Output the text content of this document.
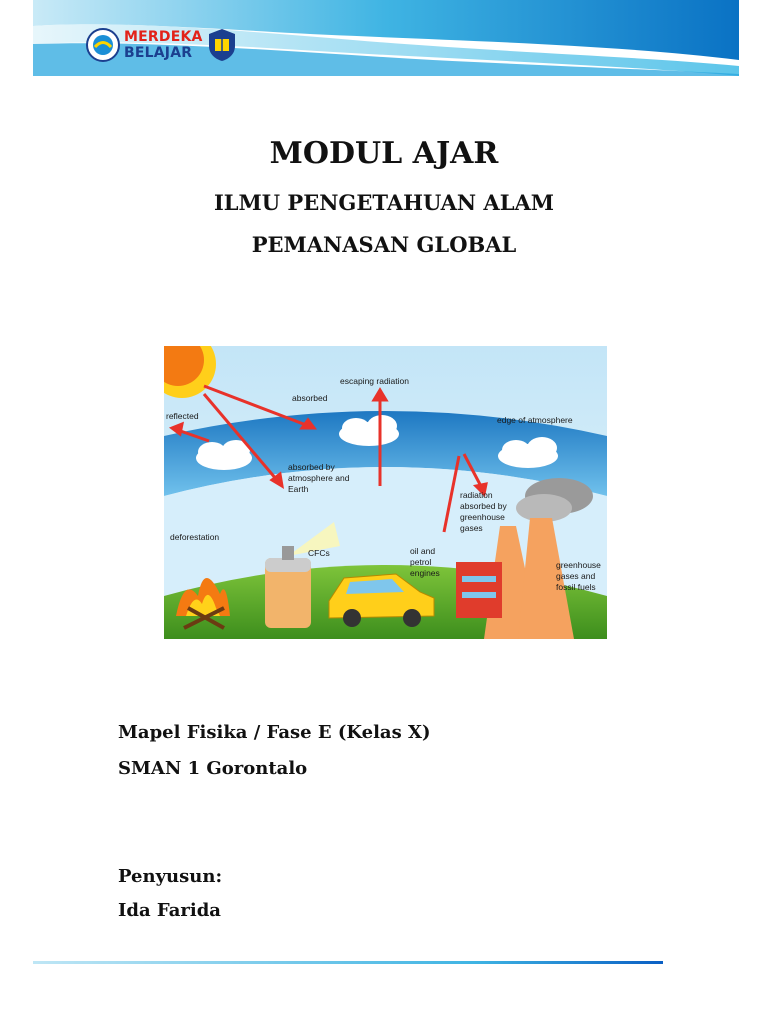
MERDEKA
BELAJAR
MODUL AJAR
ILMU PENGETAHUAN ALAM
PEMANASAN GLOBAL
escaping radiation
absorbed
reflected	edge of atmosphere
absorbed by
atmosphere and
Earth
radiation
absorbed by
greenhouse
gases
deforestation
CFCs	oil and
petrol
engines
greenhouse
gases and
fossil fuels
Mapel Fisika / Fase E (Kelas X)
SMAN 1 Gorontalo
Penyusun:
Ida Farida
